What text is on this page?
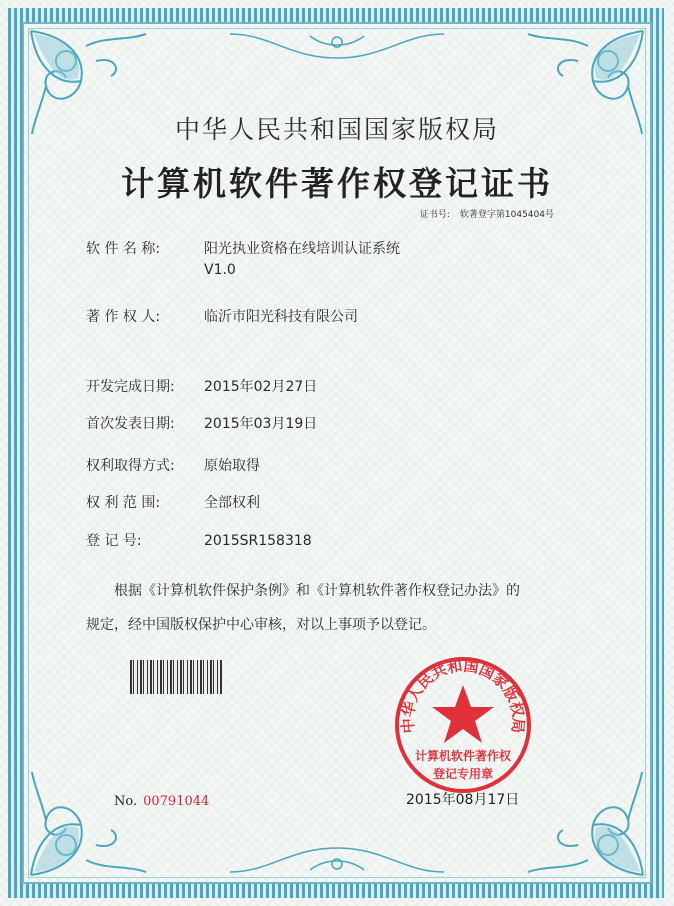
中华人民共和国国家版权局
计算机软件著作权登记证书
证书号: 软著登字第1045404号
软 件 名 称:	阳光执业资格在线培训认证系统
V1.0
著 作 权 人:	临沂市阳光科技有限公司
开发完成日期: 2015年02月27日
首次发表日期: 2015年03月19日
权利取得方式: 原始取得
权 利 范 围:	全部权利
登 记 号:	2015SR158318
根据《计算机软件保护条例》和《计算机软件著作权登记办法》的
规定，经中国版权保护中心审核，对以上事项予以登记。
中华人民共和国国家版权局
计算机软件著作权
登记专用章
No. 00791044	2015年08月17日
